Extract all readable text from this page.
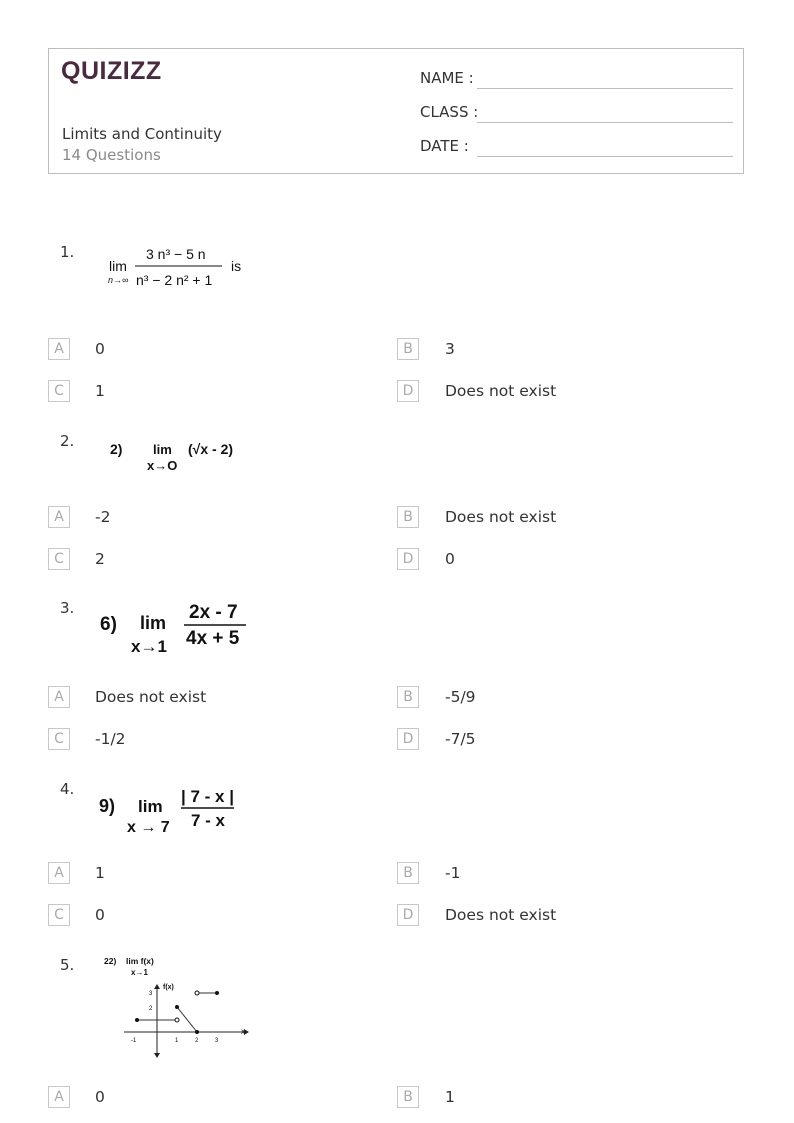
QUIZIZZ
Limits and Continuity
14 Questions
NAME :
CLASS :
DATE :
1.
lim
n→∞
3 n³ − 5 n
n³ − 2 n² + 1
is
A	0	B	3
C	1	D	Does not exist
2.	2) lim
x→O
(√x - 2)
A	-2	B	Does not exist
C	2	D	0
3.
6) lim
x→1
2x - 7
4x + 5
A	Does not exist	B	-5/9
C	-1/2	D	-7/5
4.
9) lim
x → 7
| 7 - x |
7 - x
A	1	B	-1
C	0	D	Does not exist
5.	22) lim f(x)
x→1
f(x)
x
-1	1	2	3
2
3
A	0	B	1
